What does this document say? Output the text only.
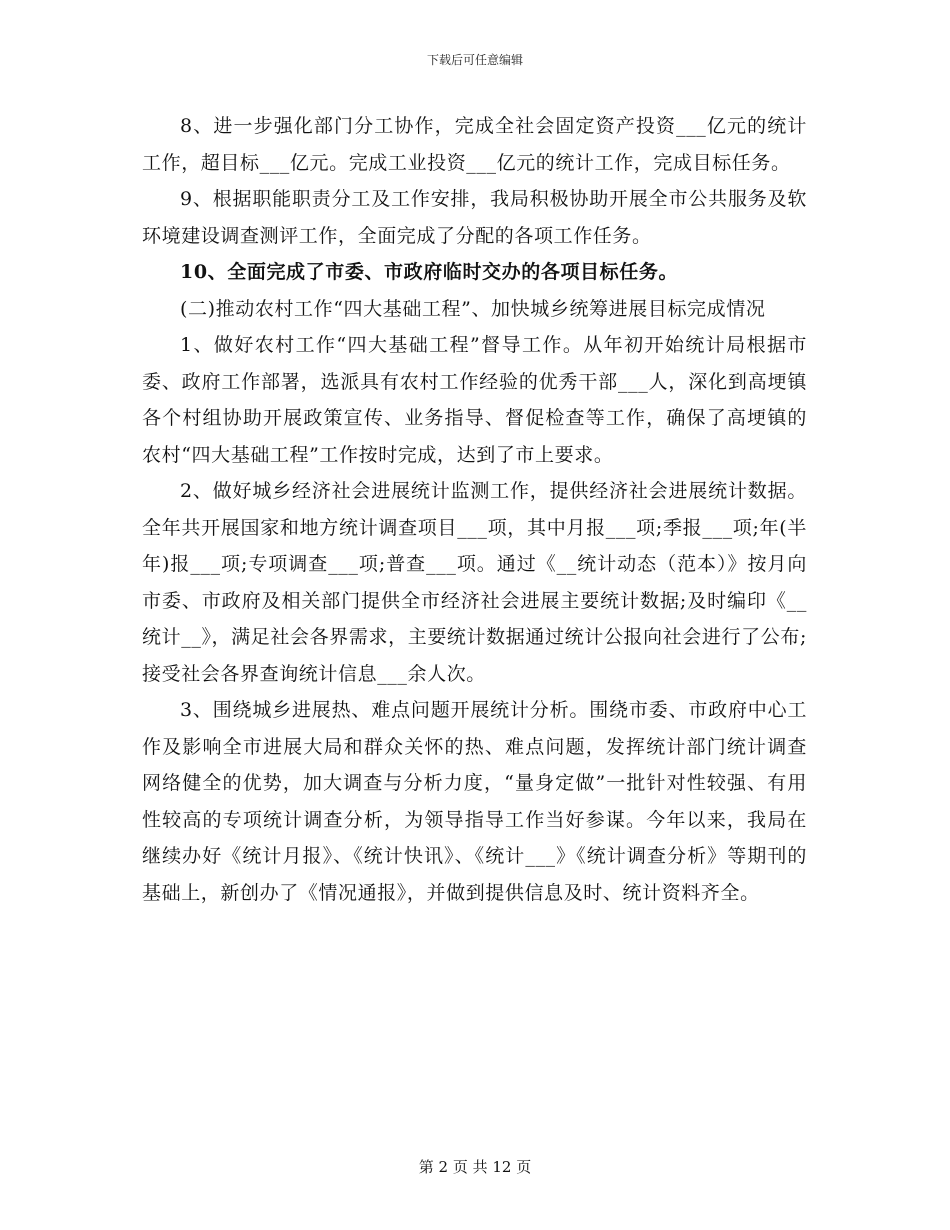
下载后可任意编辑

8、进一步强化部门分工协作，完成全社会固定资产投资___亿元的统计工作，超目标___亿元。完成工业投资___亿元的统计工作，完成目标任务。

9、根据职能职责分工及工作安排，我局积极协助开展全市公共服务及软环境建设调查测评工作，全面完成了分配的各项工作任务。

10、全面完成了市委、市政府临时交办的各项目标任务。

(二)推动农村工作“四大基础工程”、加快城乡统筹进展目标完成情况

1、做好农村工作“四大基础工程”督导工作。从年初开始统计局根据市委、政府工作部署，选派具有农村工作经验的优秀干部___人，深化到高埂镇各个村组协助开展政策宣传、业务指导、督促检查等工作，确保了高埂镇的农村“四大基础工程”工作按时完成，达到了市上要求。

2、做好城乡经济社会进展统计监测工作，提供经济社会进展统计数据。全年共开展国家和地方统计调查项目___项，其中月报___项;季报___项;年(半年)报___项;专项调查___项;普查___项。通过《__统计动态（范本）》按月向市委、市政府及相关部门提供全市经济社会进展主要统计数据;及时编印《__统计__》，满足社会各界需求，主要统计数据通过统计公报向社会进行了公布;接受社会各界查询统计信息___余人次。

3、围绕城乡进展热、难点问题开展统计分析。围绕市委、市政府中心工作及影响全市进展大局和群众关怀的热、难点问题，发挥统计部门统计调查网络健全的优势，加大调查与分析力度，“量身定做”一批针对性较强、有用性较高的专项统计调查分析，为领导指导工作当好参谋。今年以来，我局在继续办好《统计月报》、《统计快讯》、《统计___》《统计调查分析》等期刊的基础上，新创办了《情况通报》，并做到提供信息及时、统计资料齐全。

第 2 页 共 12 页
